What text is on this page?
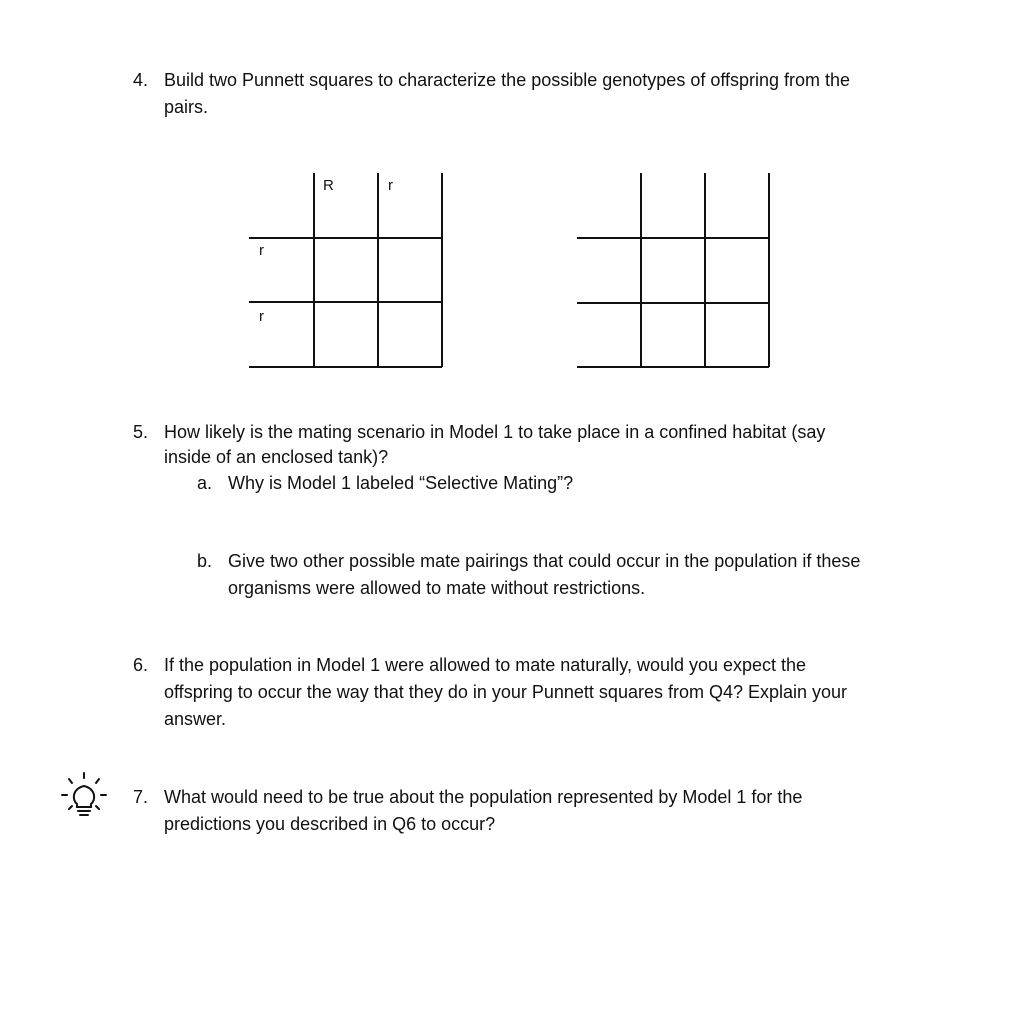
4. Build two Punnett squares to characterize the possible genotypes of offspring from the
pairs.
R	r
r
r
5. How likely is the mating scenario in Model 1 to take place in a confined habitat (say
inside of an enclosed tank)?
a. Why is Model 1 labeled “Selective Mating”?
b. Give two other possible mate pairings that could occur in the population if these
organisms were allowed to mate without restrictions.
6. If the population in Model 1 were allowed to mate naturally, would you expect the
offspring to occur the way that they do in your Punnett squares from Q4? Explain your
answer.
7. What would need to be true about the population represented by Model 1 for the
predictions you described in Q6 to occur?
